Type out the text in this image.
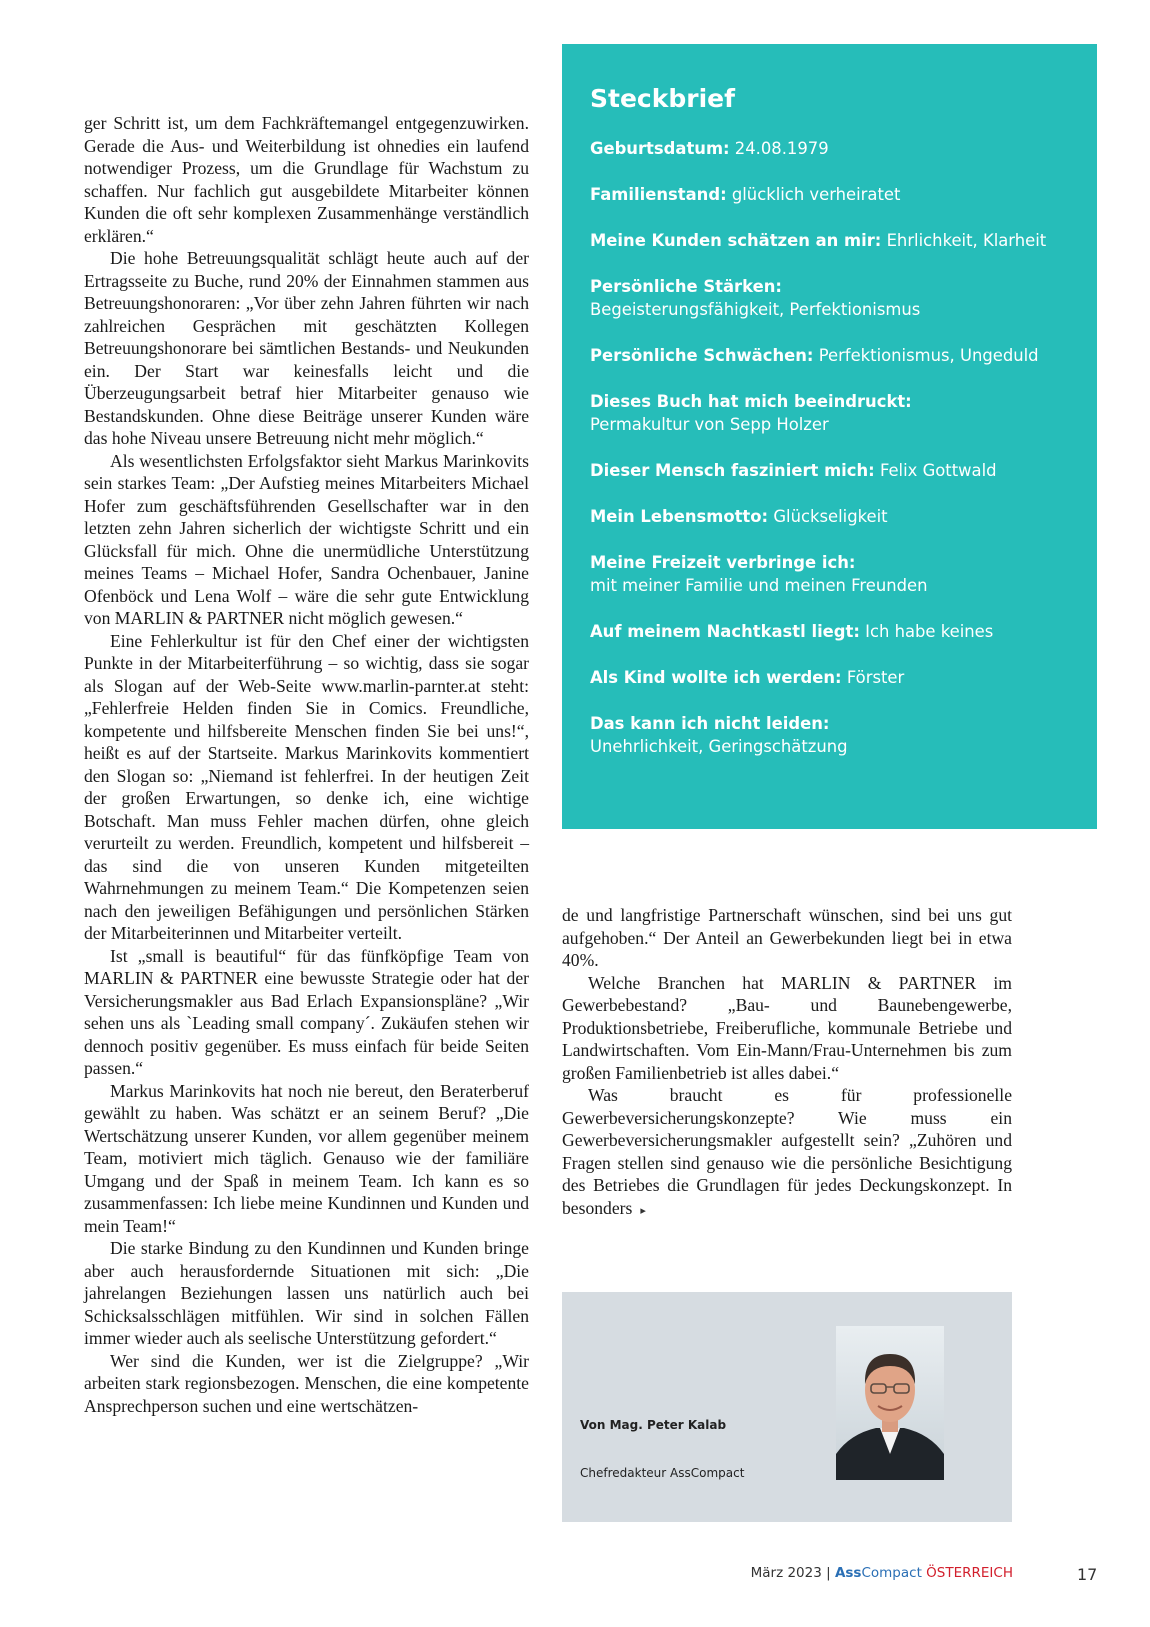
ger Schritt ist, um dem Fachkräftemangel entgegenzuwirken. Gerade die Aus- und Weiterbildung ist ohnedies ein laufend notwendiger Prozess, um die Grundlage für Wachstum zu schaffen. Nur fachlich gut ausgebildete Mitarbeiter können Kunden die oft sehr komplexen Zusammenhänge verständlich erklären.“

Die hohe Betreuungsqualität schlägt heute auch auf der Ertragsseite zu Buche, rund 20% der Einnahmen stammen aus Betreuungshonoraren: „Vor über zehn Jahren führten wir nach zahlreichen Gesprächen mit geschätzten Kollegen Betreuungshonorare bei sämtlichen Bestands- und Neukunden ein. Der Start war keinesfalls leicht und die Überzeugungsarbeit betraf hier Mitarbeiter genauso wie Bestandskunden. Ohne diese Beiträge unserer Kunden wäre das hohe Niveau unsere Betreuung nicht mehr möglich.“

Als wesentlichsten Erfolgsfaktor sieht Markus Marinkovits sein starkes Team: „Der Aufstieg meines Mitarbeiters Michael Hofer zum geschäftsführenden Gesellschafter war in den letzten zehn Jahren sicherlich der wichtigste Schritt und ein Glücksfall für mich. Ohne die unermüdliche Unterstützung meines Teams – Michael Hofer, Sandra Ochenbauer, Janine Ofenböck und Lena Wolf – wäre die sehr gute Entwicklung von MARLIN & PARTNER nicht möglich gewesen.“

Eine Fehlerkultur ist für den Chef einer der wichtigsten Punkte in der Mitarbeiterführung – so wichtig, dass sie sogar als Slogan auf der Web-Seite www.marlin-parnter.at steht: „Fehlerfreie Helden finden Sie in Comics. Freundliche, kompetente und hilfsbereite Menschen finden Sie bei uns!“, heißt es auf der Startseite. Markus Marinkovits kommentiert den Slogan so: „Niemand ist fehlerfrei. In der heutigen Zeit der großen Erwartungen, so denke ich, eine wichtige Botschaft. Man muss Fehler machen dürfen, ohne gleich verurteilt zu werden. Freundlich, kompetent und hilfsbereit – das sind die von unseren Kunden mitgeteilten Wahrnehmungen zu meinem Team.“ Die Kompetenzen seien nach den jeweiligen Befähigungen und persönlichen Stärken der Mitarbeiterinnen und Mitarbeiter verteilt.

Ist „small is beautiful“ für das fünfköpfige Team von MARLIN & PARTNER eine bewusste Strategie oder hat der Versicherungsmakler aus Bad Erlach Expansionspläne? „Wir sehen uns als `Leading small company´. Zukäufen stehen wir dennoch positiv gegenüber. Es muss einfach für beide Seiten passen.“

Markus Marinkovits hat noch nie bereut, den Beraterberuf gewählt zu haben. Was schätzt er an seinem Beruf? „Die Wertschätzung unserer Kunden, vor allem gegenüber meinem Team, motiviert mich täglich. Genauso wie der familiäre Umgang und der Spaß in meinem Team. Ich kann es so zusammenfassen: Ich liebe meine Kundinnen und Kunden und mein Team!“

Die starke Bindung zu den Kundinnen und Kunden bringe aber auch herausfordernde Situationen mit sich: „Die jahrelangen Beziehungen lassen uns natürlich auch bei Schicksalsschlägen mitfühlen. Wir sind in solchen Fällen immer wieder auch als seelische Unterstützung gefordert.“

Wer sind die Kunden, wer ist die Zielgruppe? „Wir arbeiten stark regionsbezogen. Menschen, die eine kompetente Ansprechperson suchen und eine wertschätzen-

Steckbrief
Geburtsdatum: 24.08.1979
Familienstand: glücklich verheiratet
Meine Kunden schätzen an mir: Ehrlichkeit, Klarheit
Persönliche Stärken:
Begeisterungsfähigkeit, Perfektionismus
Persönliche Schwächen: Perfektionismus, Ungeduld
Dieses Buch hat mich beeindruckt:
Permakultur von Sepp Holzer
Dieser Mensch fasziniert mich: Felix Gottwald
Mein Lebensmotto: Glückseligkeit
Meine Freizeit verbringe ich:
mit meiner Familie und meinen Freunden
Auf meinem Nachtkastl liegt: Ich habe keines
Als Kind wollte ich werden: Förster
Das kann ich nicht leiden:
Unehrlichkeit, Geringschätzung

de und langfristige Partnerschaft wünschen, sind bei uns gut aufgehoben.“ Der Anteil an Gewerbekunden liegt bei in etwa 40%.

Welche Branchen hat MARLIN & PARTNER im Gewerbebestand? „Bau- und Baunebengewerbe, Produktionsbetriebe, Freiberufliche, kommunale Betriebe und Landwirtschaften. Vom Ein-Mann/Frau-Unternehmen bis zum großen Familienbetrieb ist alles dabei.“

Was braucht es für professionelle Gewerbeversicherungskonzepte? Wie muss ein Gewerbeversicherungsmakler aufgestellt sein? „Zuhören und Fragen stellen sind genauso wie die persönliche Besichtigung des Betriebes die Grundlagen für jedes Deckungskonzept. In besonders ▸

Von Mag. Peter Kalab
Chefredakteur AssCompact
März 2023 | AssCompact ÖSTERREICH	17
